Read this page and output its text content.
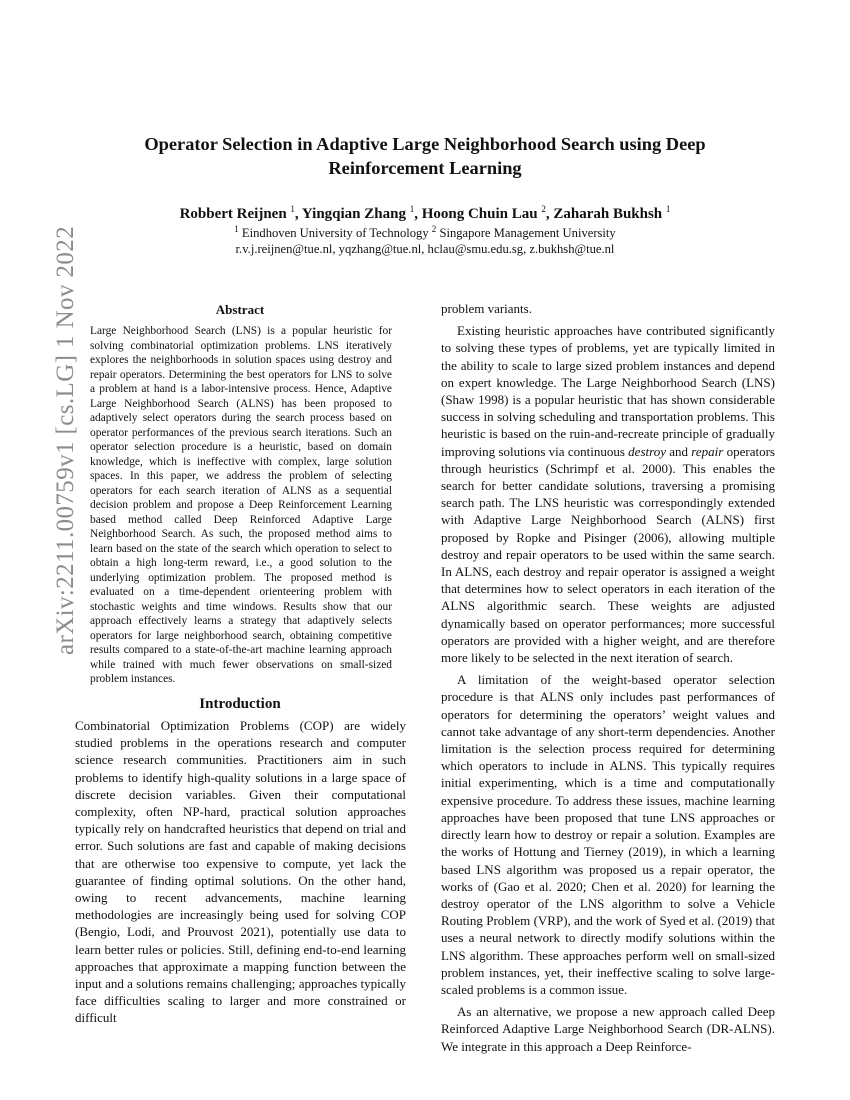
arXiv:2211.00759v1 [cs.LG] 1 Nov 2022
Operator Selection in Adaptive Large Neighborhood Search using Deep Reinforcement Learning
Robbert Reijnen $^1$, Yingqian Zhang $^1$, Hoong Chuin Lau $^2$, Zaharah Bukhsh $^1$
$^1$ Eindhoven University of Technology $^2$ Singapore Management University
r.v.j.reijnen@tue.nl, yqzhang@tue.nl, hclau@smu.edu.sg, z.bukhsh@tue.nl
Abstract

Large Neighborhood Search (LNS) is a popular heuristic for solving combinatorial optimization problems. LNS iteratively explores the neighborhoods in solution spaces using destroy and repair operators. Determining the best operators for LNS to solve a problem at hand is a labor-intensive process. Hence, Adaptive Large Neighborhood Search (ALNS) has been proposed to adaptively select operators during the search process based on operator performances of the previous search iterations. Such an operator selection procedure is a heuristic, based on domain knowledge, which is ineffective with complex, large solution spaces. In this paper, we address the problem of selecting operators for each search iteration of ALNS as a sequential decision problem and propose a Deep Reinforcement Learning based method called Deep Reinforced Adaptive Large Neighborhood Search. As such, the proposed method aims to learn based on the state of the search which operation to select to obtain a high long-term reward, i.e., a good solution to the underlying optimization problem. The proposed method is evaluated on a time-dependent orienteering problem with stochastic weights and time windows. Results show that our approach effectively learns a strategy that adaptively selects operators for large neighborhood search, obtaining competitive results compared to a state-of-the-art machine learning approach while trained with much fewer observations on small-sized problem instances.

Introduction

Combinatorial Optimization Problems (COP) are widely studied problems in the operations research and computer science research communities. Practitioners aim in such problems to identify high-quality solutions in a large space of discrete decision variables. Given their computational complexity, often NP-hard, practical solution approaches typically rely on handcrafted heuristics that depend on trial and error. Such solutions are fast and capable of making decisions that are otherwise too expensive to compute, yet lack the guarantee of finding optimal solutions. On the other hand, owing to recent advancements, machine learning methodologies are increasingly being used for solving COP (Bengio, Lodi, and Prouvost 2021), potentially use data to learn better rules or policies. Still, defining end-to-end learning approaches that approximate a mapping function between the input and a solutions remains challenging; approaches typically face difficulties scaling to larger and more constrained or difficult

problem variants.

Existing heuristic approaches have contributed significantly to solving these types of problems, yet are typically limited in the ability to scale to large sized problem instances and depend on expert knowledge. The Large Neighborhood Search (LNS) (Shaw 1998) is a popular heuristic that has shown considerable success in solving scheduling and transportation problems. This heuristic is based on the ruin-and-recreate principle of gradually improving solutions via continuous destroy and repair operators through heuristics (Schrimpf et al. 2000). This enables the search for better candidate solutions, traversing a promising search path. The LNS heuristic was correspondingly extended with Adaptive Large Neighborhood Search (ALNS) first proposed by Ropke and Pisinger (2006), allowing multiple destroy and repair operators to be used within the same search. In ALNS, each destroy and repair operator is assigned a weight that determines how to select operators in each iteration of the ALNS algorithmic search. These weights are adjusted dynamically based on operator performances; more successful operators are provided with a higher weight, and are therefore more likely to be selected in the next iteration of search.

A limitation of the weight-based operator selection procedure is that ALNS only includes past performances of operators for determining the operators’ weight values and cannot take advantage of any short-term dependencies. Another limitation is the selection process required for determining which operators to include in ALNS. This typically requires initial experimenting, which is a time and computationally expensive procedure. To address these issues, machine learning approaches have been proposed that tune LNS approaches or directly learn how to destroy or repair a solution. Examples are the works of Hottung and Tierney (2019), in which a learning based LNS algorithm was proposed us a repair operator, the works of (Gao et al. 2020; Chen et al. 2020) for learning the destroy operator of the LNS algorithm to solve a Vehicle Routing Problem (VRP), and the work of Syed et al. (2019) that uses a neural network to directly modify solutions within the LNS algorithm. These approaches perform well on small-sized problem instances, yet, their ineffective scaling to solve large-scaled problems is a common issue.

As an alternative, we propose a new approach called Deep Reinforced Adaptive Large Neighborhood Search (DR-ALNS). We integrate in this approach a Deep Reinforce-
